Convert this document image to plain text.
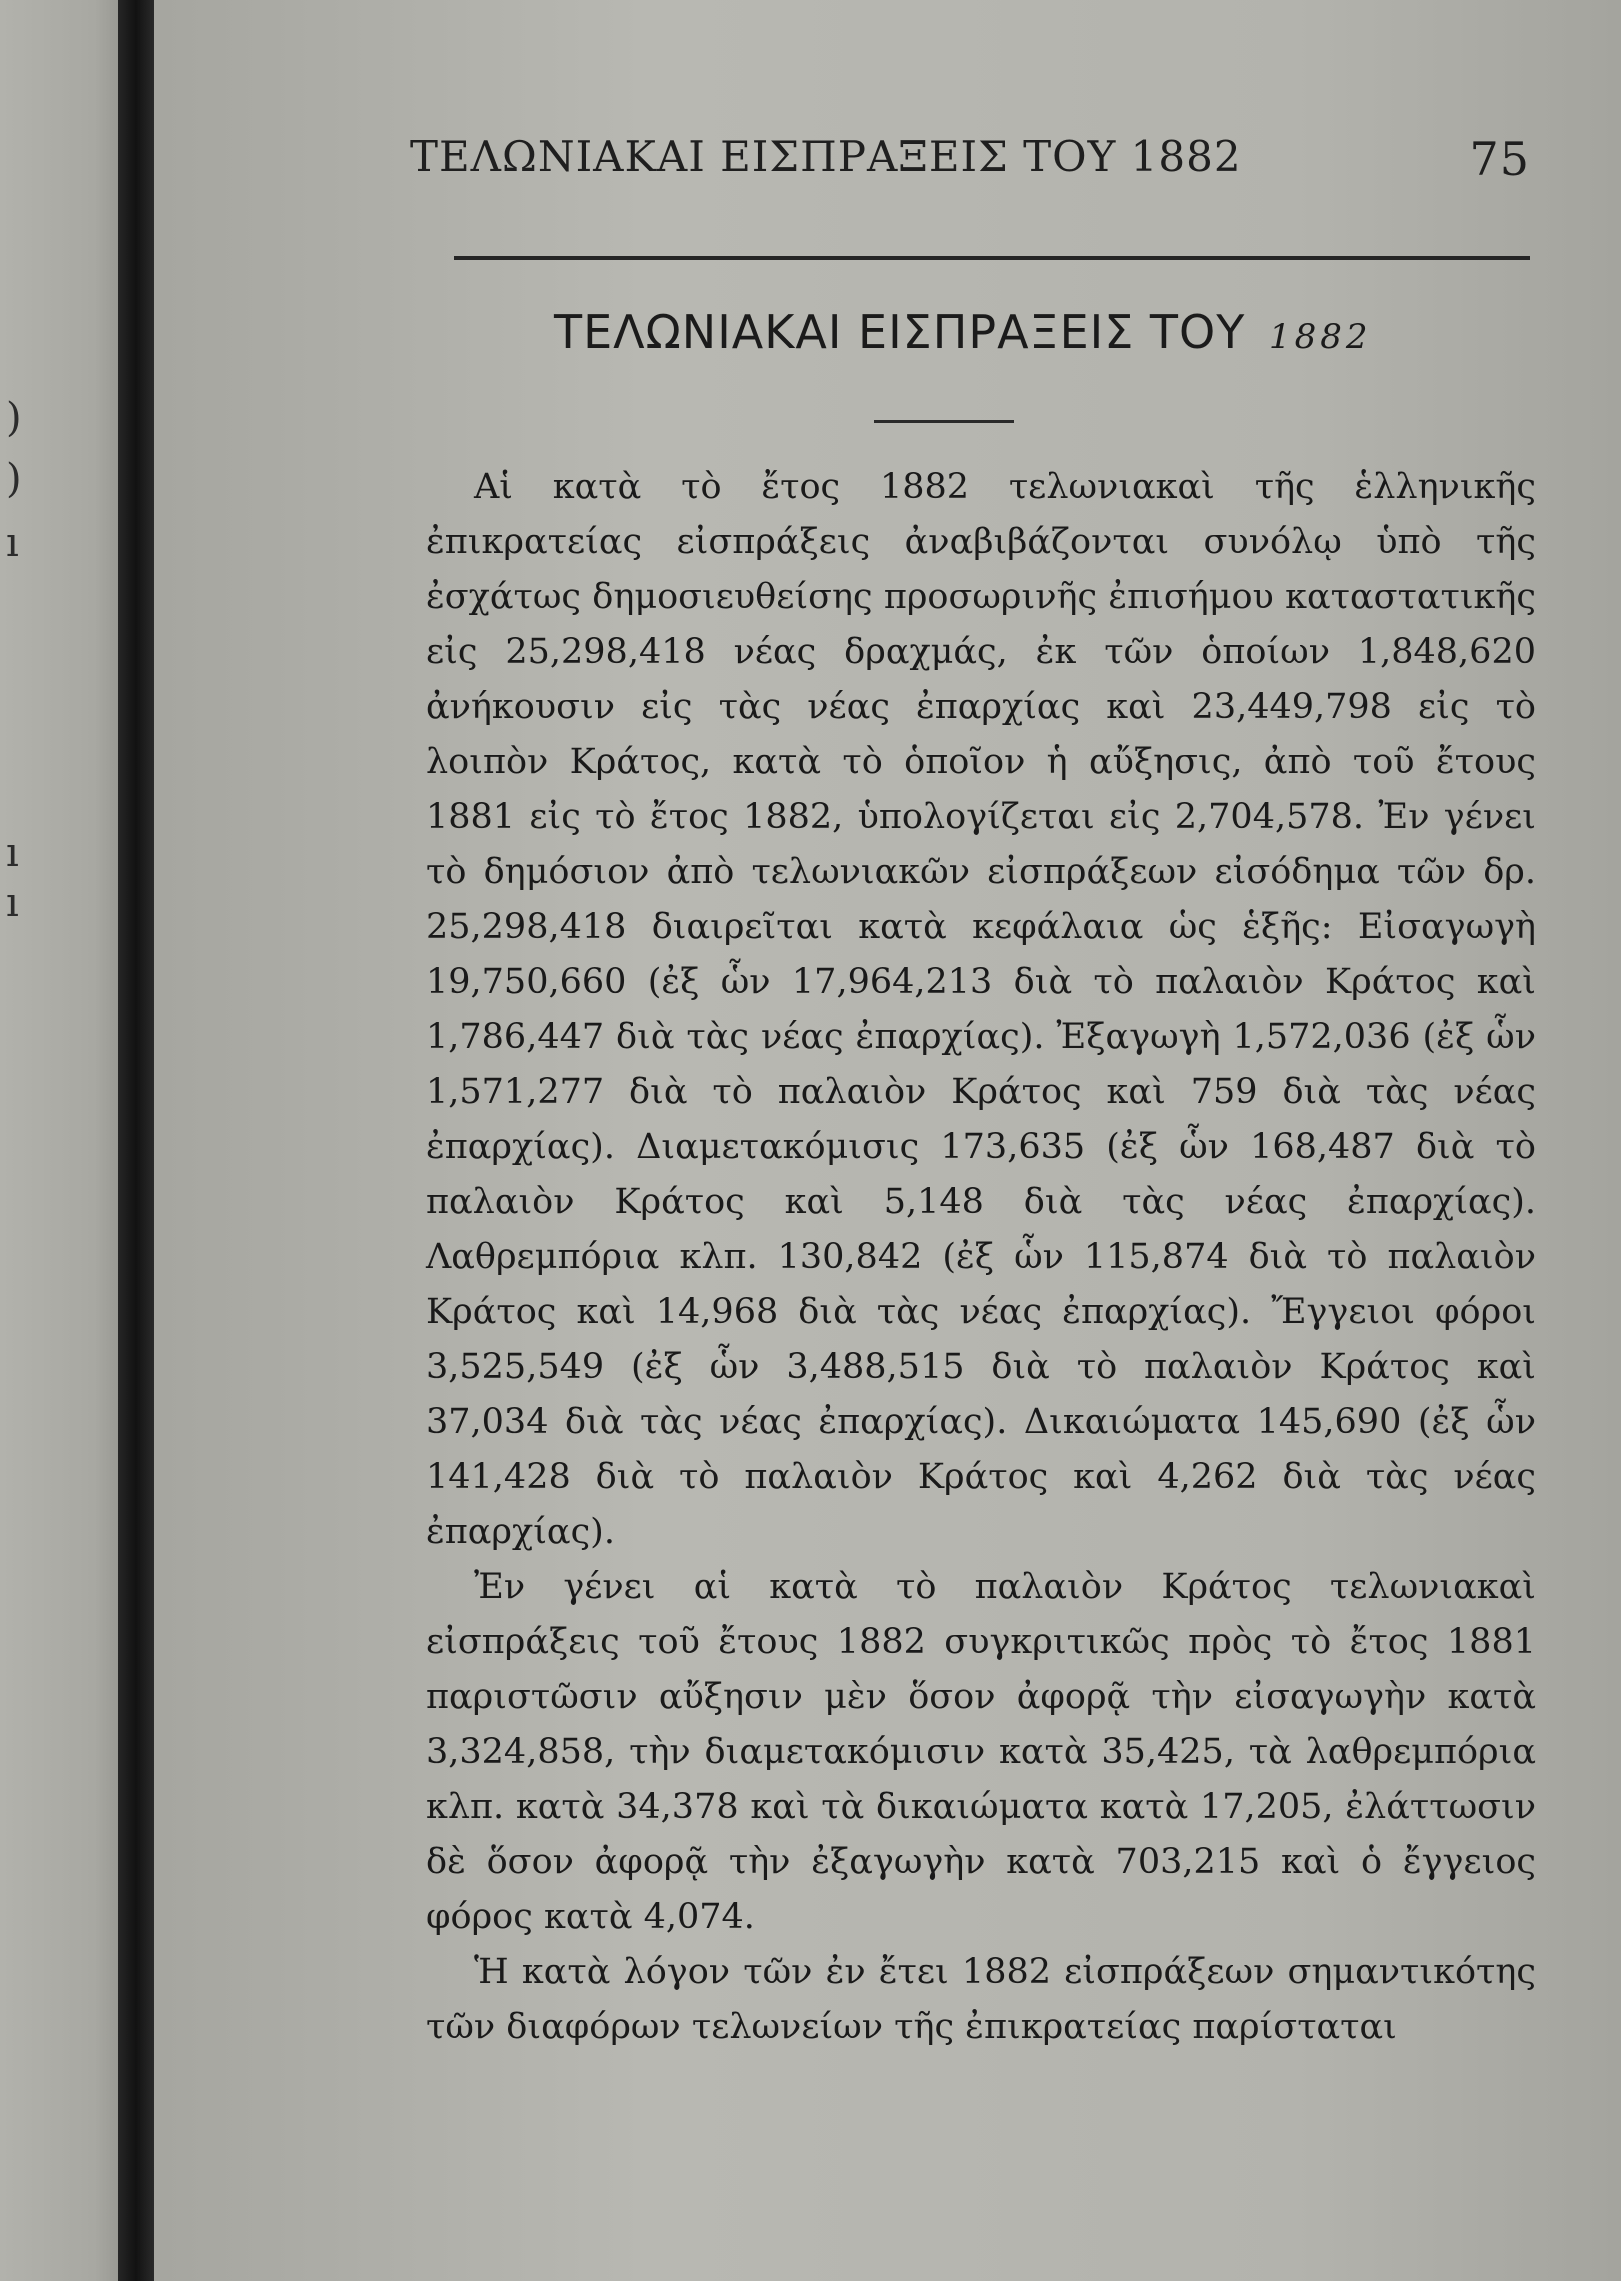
)
)
ı
ı
ı
ΤΕΛΩΝΙΑΚΑΙ ΕΙΣΠΡΑΞΕΙΣ ΤΟΥ 1882	75
ΤΕΛΩΝΙΑΚΑΙ ΕΙΣΠΡΑΞΕΙΣ ΤΟΥ 1882

Αἱ κατὰ τὸ ἔτος 1882 τελωνιακαὶ τῆς ἑλληνικῆς ἐπικρατείας εἰσπράξεις ἀναβιβάζονται συνόλῳ ὑπὸ τῆς ἐσχάτως δημοσιευθείσης προσωρινῆς ἐπισήμου καταστατικῆς εἰς 25,298,418 νέας δραχμάς, ἐκ τῶν ὁποίων 1,848,620 ἀνήκουσιν εἰς τὰς νέας ἐπαρχίας καὶ 23,449,798 εἰς τὸ λοιπὸν Κράτος, κατὰ τὸ ὁποῖον ἡ αὔξησις, ἀπὸ τοῦ ἔτους 1881 εἰς τὸ ἔτος 1882, ὑπολογίζεται εἰς 2,704,578. Ἐν γένει τὸ δημόσιον ἀπὸ τελωνιακῶν εἰσπράξεων εἰσόδημα τῶν δρ. 25,298,418 διαιρεῖται κατὰ κεφάλαια ὡς ἑξῆς: Εἰσαγωγὴ 19,750,660 (ἐξ ὧν 17,964,213 διὰ τὸ παλαιὸν Κράτος καὶ 1,786,447 διὰ τὰς νέας ἐπαρχίας). Ἐξαγωγὴ 1,572,036 (ἐξ ὧν 1,571,277 διὰ τὸ παλαιὸν Κράτος καὶ 759 διὰ τὰς νέας ἐπαρχίας). Διαμετακόμισις 173,635 (ἐξ ὧν 168,487 διὰ τὸ παλαιὸν Κράτος καὶ 5,148 διὰ τὰς νέας ἐπαρχίας). Λαθρεμπόρια κλπ. 130,842 (ἐξ ὧν 115,874 διὰ τὸ παλαιὸν Κράτος καὶ 14,968 διὰ τὰς νέας ἐπαρχίας). Ἔγγειοι φόροι 3,525,549 (ἐξ ὧν 3,488,515 διὰ τὸ παλαιὸν Κράτος καὶ 37,034 διὰ τὰς νέας ἐπαρχίας). Δικαιώματα 145,690 (ἐξ ὧν 141,428 διὰ τὸ παλαιὸν Κράτος καὶ 4,262 διὰ τὰς νέας ἐπαρχίας).

Ἐν γένει αἱ κατὰ τὸ παλαιὸν Κράτος τελωνιακαὶ εἰσπράξεις τοῦ ἔτους 1882 συγκριτικῶς πρὸς τὸ ἔτος 1881 παριστῶσιν αὔξησιν μὲν ὅσον ἀφορᾷ τὴν εἰσαγωγὴν κατὰ 3,324,858, τὴν διαμετακόμισιν κατὰ 35,425, τὰ λαθρεμπόρια κλπ. κατὰ 34,378 καὶ τὰ δικαιώματα κατὰ 17,205, ἐλάττωσιν δὲ ὅσον ἀφορᾷ τὴν ἐξαγωγὴν κατὰ 703,215 καὶ ὁ ἔγγειος φόρος κατὰ 4,074.

Ἡ κατὰ λόγον τῶν ἐν ἔτει 1882 εἰσπράξεων σημαντικότης τῶν διαφόρων τελωνείων τῆς ἐπικρατείας παρίσταται
